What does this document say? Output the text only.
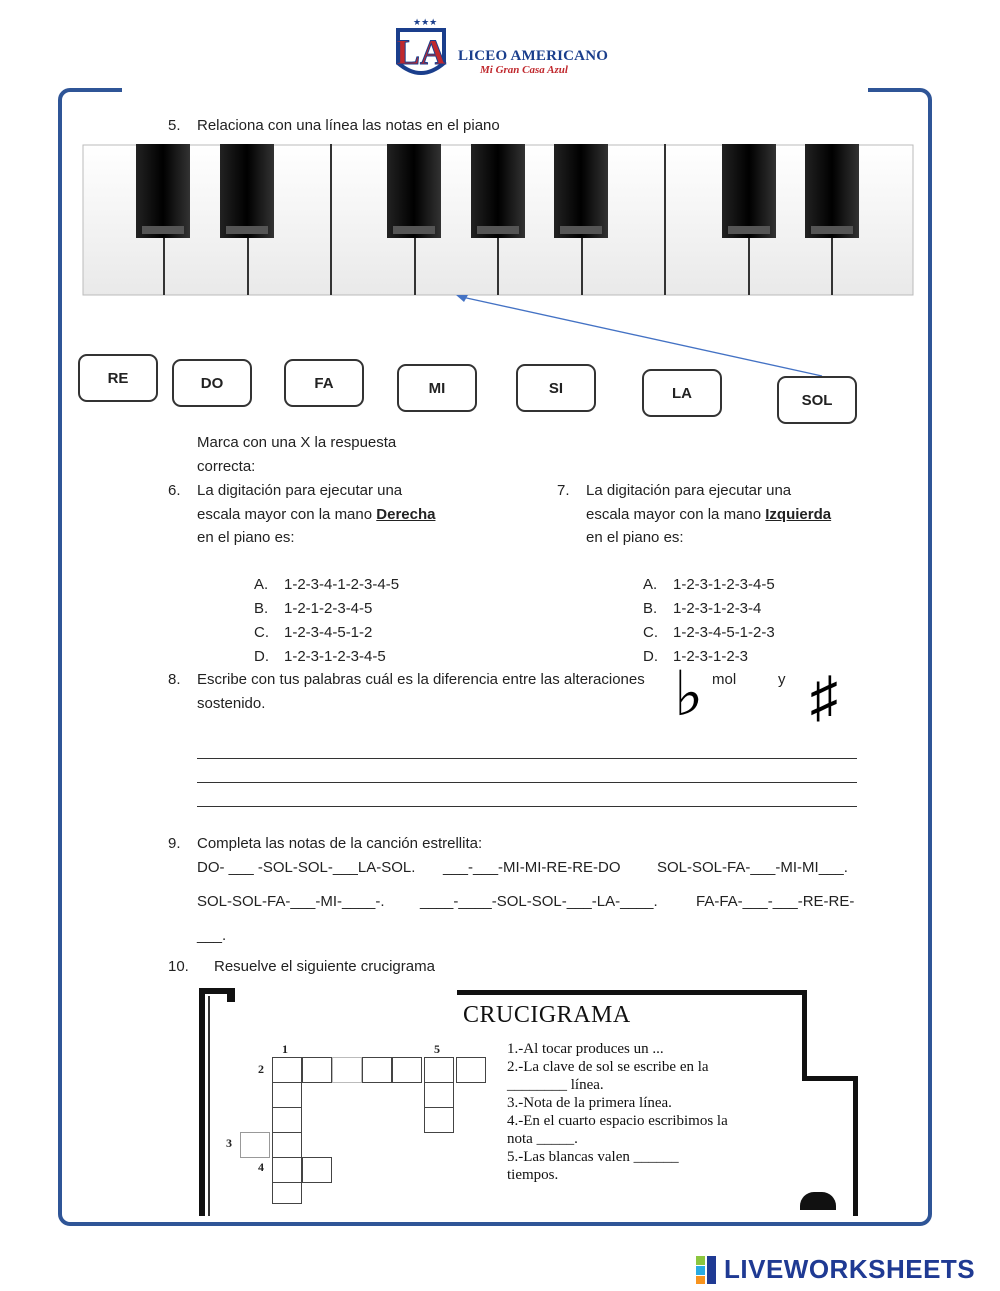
LA
★★★
LICEO AMERICANO
Mi Gran Casa Azul
5. Relaciona con una línea las notas en el piano
RE	DO	FA	MI	SI	LA	SOL
Marca con una X la respuesta
correcta:
6. La digitación para ejecutar una
escala mayor con la mano Derecha
en el piano es:
A. 1-2-3-4-1-2-3-4-5
B. 1-2-1-2-3-4-5
C. 1-2-3-4-5-1-2
D. 1-2-3-1-2-3-4-5
7. La digitación para ejecutar una
escala mayor con la mano Izquierda
en el piano es:
A. 1-2-3-1-2-3-4-5
B. 1-2-3-1-2-3-4
C. 1-2-3-4-5-1-2-3
D. 1-2-3-1-2-3
8. Escribe con tus palabras cuál es la diferencia entre las alteraciones	mol	y
sostenido.	♭ ♯
9. Completa las notas de la canción estrellita:
DO- ___ -SOL-SOL-___LA-SOL. ___-___-MI-MI-RE-RE-DO SOL-SOL-FA-___-MI-MI___.
SOL-SOL-FA-___-MI-____-. ____-____-SOL-SOL-___-LA-____.	FA-FA-___-___-RE-RE-
___.
10. Resuelve el siguiente crucigrama
CRUCIGRAMA
1
2
3
4
5	1.-Al tocar produces un ...
2.-La clave de sol se escribe en la
________ línea.
3.-Nota de la primera línea.
4.-En el cuarto espacio escribimos la
nota _____.
5.-Las blancas valen ______
tiempos.
LIVEWORKSHEETS
